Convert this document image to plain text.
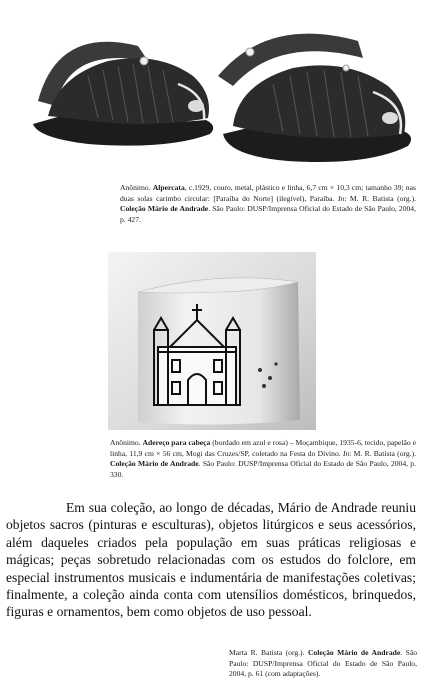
Anônimo. Alpercata, c.1929, couro, metal, plástico e linha, 6,7 cm × 10,3 cm; tamanho 39; nas duas solas carimbo circular: [Paraíba do Norte] (ilegível), Paraíba. In: M. R. Batista (org.). Coleção Mário de Andrade. São Paulo: DUSP/Imprensa Oficial do Estado de São Paulo, 2004, p. 427.
Anônimo. Adereço para cabeça (bordado em azul e rosa) – Moçambique, 1935-6, tecido, papelão e linha, 11,9 cm × 56 cm, Mogi das Cruzes/SP, coletado na Festa do Divino. In: M. R. Batista (org.). Coleção Mário de Andrade. São Paulo: DUSP/Imprensa Oficial do Estado de São Paulo, 2004, p. 330.
Em sua coleção, ao longo de décadas, Mário de Andrade reuniu objetos sacros (pinturas e esculturas), objetos litúrgicos e seus acessórios, além daqueles criados pela população em suas práticas religiosas e mágicas; peças sobretudo relacionadas com os estudos do folclore, em especial instrumentos musicais e indumentária de manifestações coletivas; finalmente, a coleção ainda conta com utensílios domésticos, brinquedos, figuras e ornamentos, bem como objetos de uso pessoal.
Marta R. Batista (org.). Coleção Mário de Andrade. São Paulo: DUSP/Imprensa Oficial do Estado de São Paulo, 2004, p. 61 (com adaptações).
